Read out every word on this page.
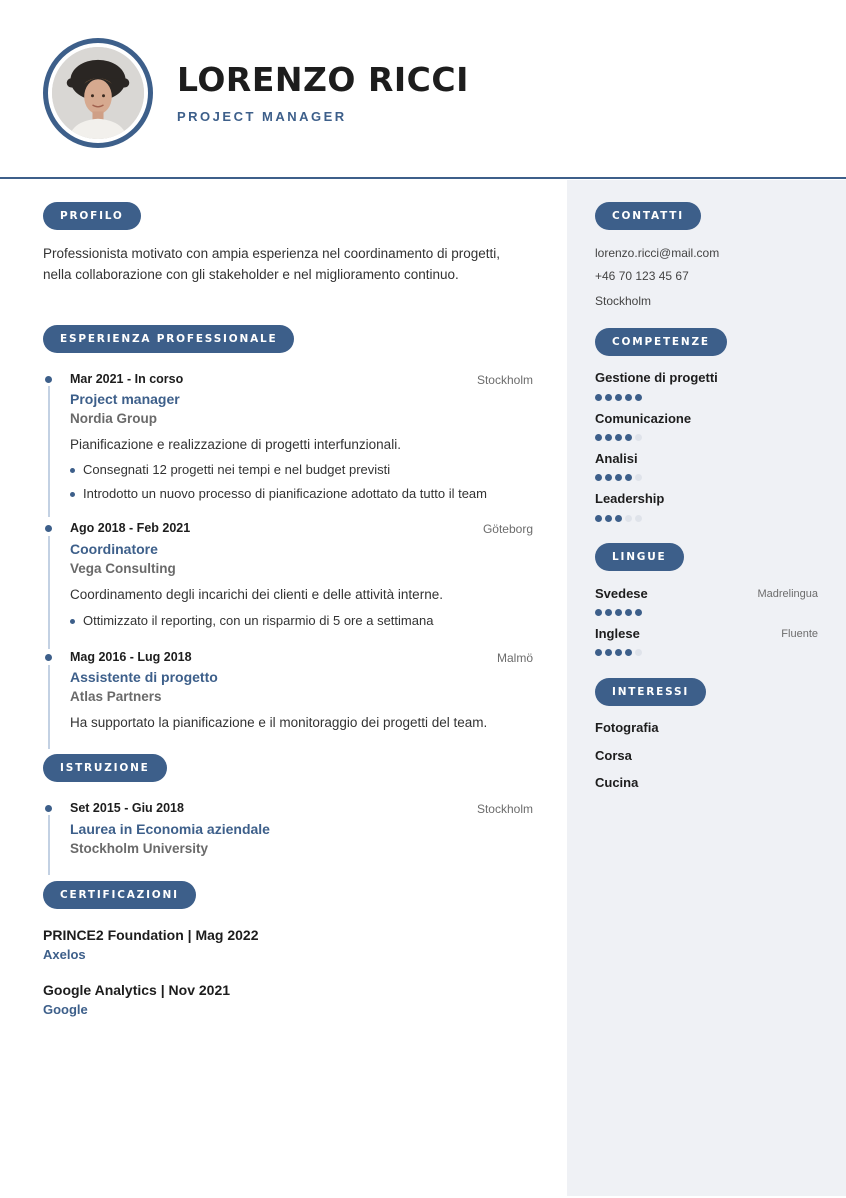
LORENZO RICCI
PROJECT MANAGER
PROFILO
Professionista motivato con ampia esperienza nel coordinamento di progetti, nella collaborazione con gli stakeholder e nel miglioramento continuo.
ESPERIENZA PROFESSIONALE
Mar 2021 - In corso	Stockholm
Project manager
Nordia Group
Pianificazione e realizzazione di progetti interfunzionali.
Consegnati 12 progetti nei tempi e nel budget previsti
Introdotto un nuovo processo di pianificazione adottato da tutto il team
Ago 2018 - Feb 2021	Göteborg
Coordinatore
Vega Consulting
Coordinamento degli incarichi dei clienti e delle attività interne.
Ottimizzato il reporting, con un risparmio di 5 ore a settimana
Mag 2016 - Lug 2018	Malmö
Assistente di progetto
Atlas Partners
Ha supportato la pianificazione e il monitoraggio dei progetti del team.
ISTRUZIONE
Set 2015 - Giu 2018	Stockholm
Laurea in Economia aziendale
Stockholm University
CERTIFICAZIONI
PRINCE2 Foundation | Mag 2022
Axelos
Google Analytics | Nov 2021
Google
CONTATTI
lorenzo.ricci@mail.com
+46 70 123 45 67
Stockholm
COMPETENZE
Gestione di progetti
Comunicazione
Analisi
Leadership
LINGUE
Svedese	Madrelingua
Inglese	Fluente
INTERESSI
Fotografia
Corsa
Cucina
